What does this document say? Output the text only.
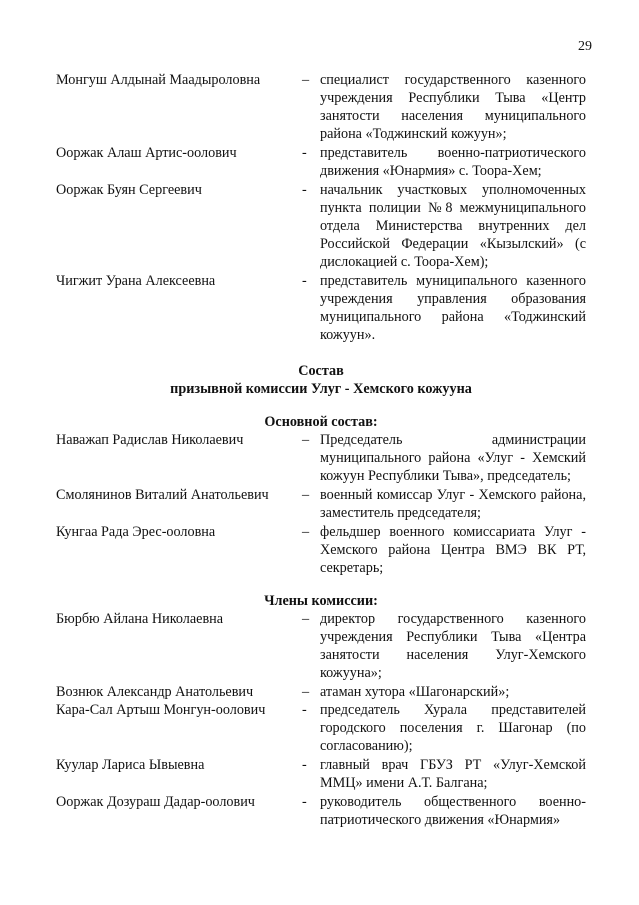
29
Монгуш Алдынай Маадыроловна	– специалист государственного казенного учреждения Республики Тыва «Центр занятости населения муниципального района «Тоджинский кожуун»;
Ооржак Алаш Артис-оолович	- представитель военно-патриотического движения «Юнармия» с. Тоора-Хем;
Ооржак Буян Сергеевич	- начальник участковых уполномоченных пункта полиции №8 межмуниципального отдела Министерства внутренних дел Российской Федерации «Кызылский» (с дислокацией с. Тоора-Хем);
Чигжит Урана Алексеевна	- представитель муниципального казенного учреждения управления образования муниципального района «Тоджинский кожуун».
Состав
призывной комиссии Улуг - Хемского кожууна
Основной состав:
Наважап Радислав Николаевич	– Председатель администрации муниципального района «Улуг - Хемский кожуун Республики Тыва», председатель;
Смолянинов Виталий Анатольевич	– военный комиссар Улуг - Хемского района, заместитель председателя;
Кунгаа Рада Эрес-ооловна	– фельдшер военного комиссариата Улуг - Хемского района Центра ВМЭ ВК РТ, секретарь;
Члены комиссии:
Бюрбю Айлана Николаевна	– директор государственного казенного учреждения Республики Тыва «Центра занятости населения Улуг-Хемского кожууна»;
Вознюк Александр Анатольевич	– атаман хутора «Шагонарский»;
Кара-Сал Артыш Монгун-оолович	- председатель Хурала представителей городского поселения г. Шагонар (по согласованию);
Куулар Лариса Ывыевна	- главный врач ГБУЗ РТ «Улуг-Хемской ММЦ» имени А.Т. Балгана;
Ооржак Дозураш Дадар-оолович	- руководитель общественного военно-патриотического движения «Юнармия»
